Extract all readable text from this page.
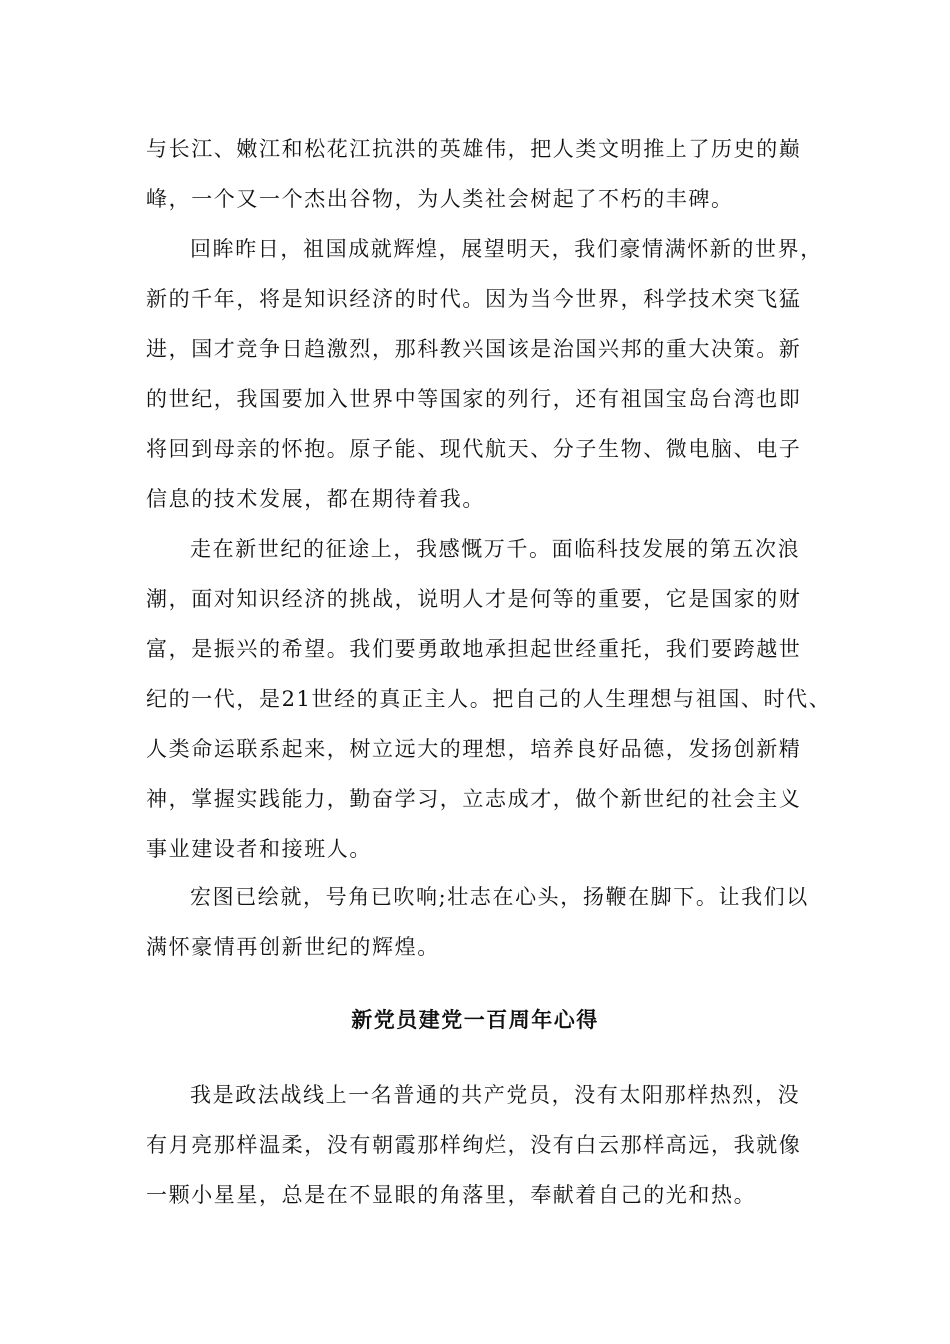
与长江、嫩江和松花江抗洪的英雄伟，把人类文明推上了历史的巅
峰，一个又一个杰出谷物，为人类社会树起了不朽的丰碑。
回眸昨日，祖国成就辉煌，展望明天，我们豪情满怀新的世界，
新的千年，将是知识经济的时代。因为当今世界，科学技术突飞猛
进，国才竞争日趋激烈，那科教兴国该是治国兴邦的重大决策。新
的世纪，我国要加入世界中等国家的列行，还有祖国宝岛台湾也即
将回到母亲的怀抱。原子能、现代航天、分子生物、微电脑、电子
信息的技术发展，都在期待着我。
走在新世纪的征途上，我感慨万千。面临科技发展的第五次浪
潮，面对知识经济的挑战，说明人才是何等的重要，它是国家的财
富，是振兴的希望。我们要勇敢地承担起世经重托，我们要跨越世
纪的一代，是21世经的真正主人。把自己的人生理想与祖国、时代、
人类命运联系起来，树立远大的理想，培养良好品德，发扬创新精
神，掌握实践能力，勤奋学习，立志成才，做个新世纪的社会主义
事业建设者和接班人。
宏图已绘就，号角已吹响;壮志在心头，扬鞭在脚下。让我们以
满怀豪情再创新世纪的辉煌。
新党员建党一百周年心得
我是政法战线上一名普通的共产党员，没有太阳那样热烈，没
有月亮那样温柔，没有朝霞那样绚烂，没有白云那样高远，我就像
一颗小星星，总是在不显眼的角落里，奉献着自己的光和热。
